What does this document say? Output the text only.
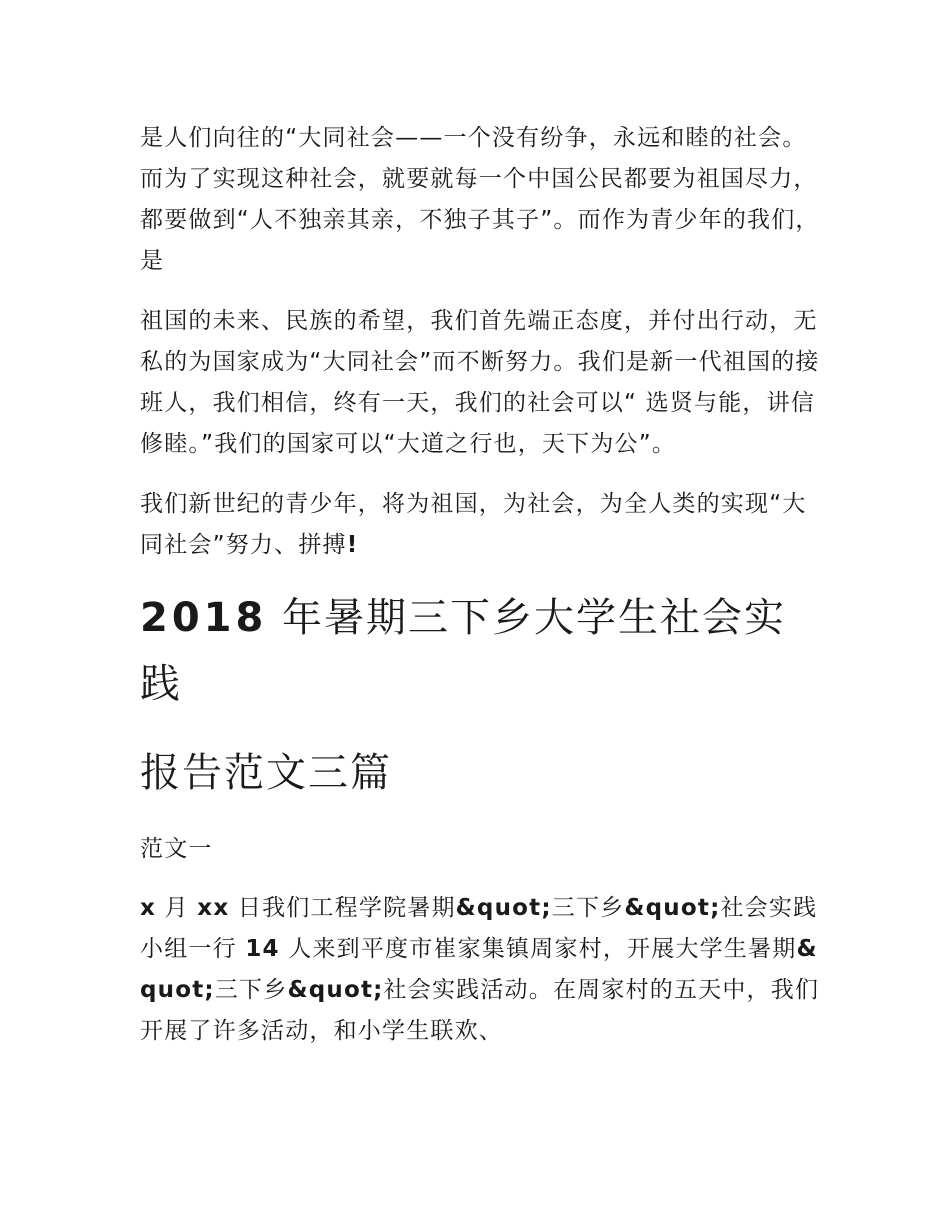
是人们向往的“大同社会——一个没有纷争，永远和睦的社会。而为了实现这种社会，就要就每一个中国公民都要为祖国尽力，都要做到“人不独亲其亲，不独子其子”。而作为青少年的我们，是

祖国的未来、民族的希望，我们首先端正态度，并付出行动，无私的为国家成为“大同社会”而不断努力。我们是新一代祖国的接班人，我们相信，终有一天，我们的社会可以“ 选贤与能，讲信修睦。”我们的国家可以“大道之行也，天下为公”。

我们新世纪的青少年，将为祖国，为社会，为全人类的实现“大同社会”努力、拼搏!

2018 年暑期三下乡大学生社会实践
报告范文三篇

范文一

x 月 xx 日我们工程学院暑期&quot;三下乡&quot;社会实践小组一行 14 人来到平度市崔家集镇周家村，开展大学生暑期&quot;三下乡&quot;社会实践活动。在周家村的五天中，我们开展了许多活动，和小学生联欢、
